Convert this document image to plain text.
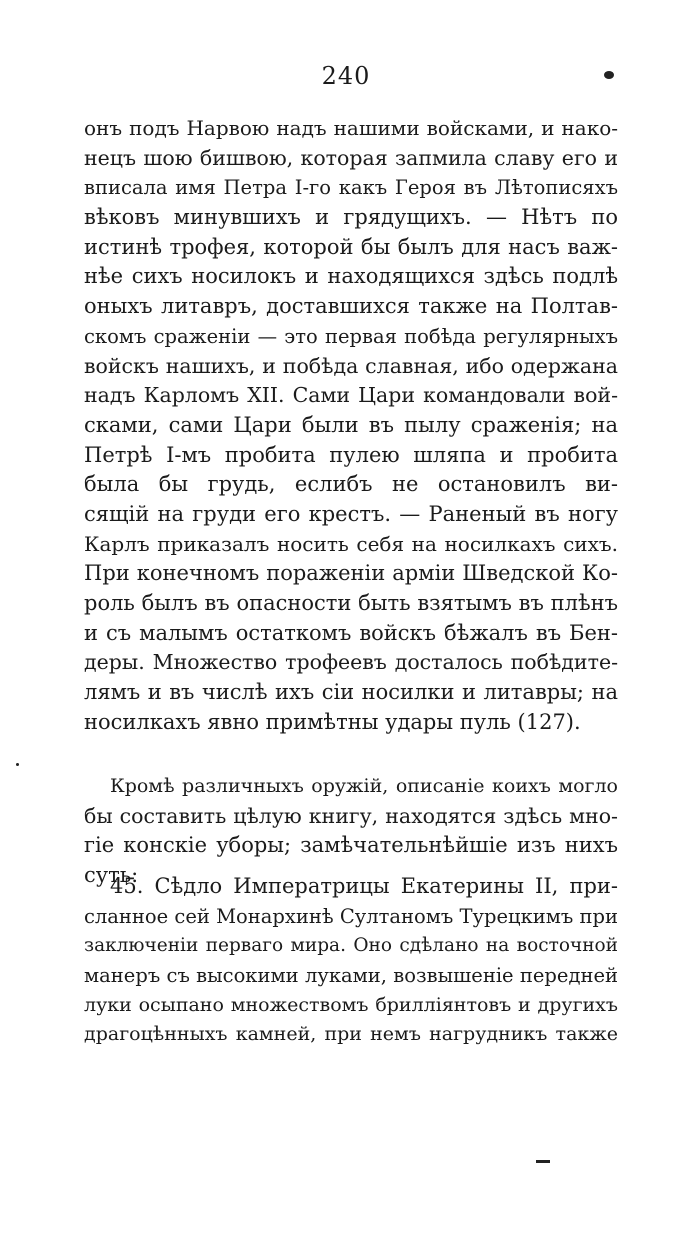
240
онъ подъ Нарвою надъ нашими войсками, и нако-
нецъ шою бишвою, которая запмила славу его и
вписала имя Петра I-го какъ Героя въ Лѣтописяхъ
вѣковъ минувшихъ и грядущихъ. — Нѣтъ по
истинѣ трофея, которой бы былъ для насъ важ-
нѣе сихъ носилокъ и находящихся здѣсь подлѣ
оныхъ литавръ, доставшихся также на Полтав-
скомъ сраженіи — это первая побѣда регулярныхъ
войскъ нашихъ, и побѣда славная, ибо одержана
надъ Карломъ XII. Сами Цари командовали вой-
сками, сами Цари были въ пылу сраженія; на
Петрѣ I-мъ пробита пулею шляпа и пробита
была бы грудь, еслибъ не остановилъ ви-
сящій на груди его крестъ. — Раненый въ ногу
Карлъ приказалъ носить себя на носилкахъ сихъ.
При конечномъ пораженіи арміи Шведской Ко-
роль былъ въ опасности быть взятымъ въ плѣнъ
и съ малымъ остаткомъ войскъ бѣжалъ въ Бен-
деры. Множество трофеевъ досталось побѣдите-
лямъ и въ числѣ ихъ сіи носилки и литавры; на
носилкахъ явно примѣтны удары пуль (127).
Кромѣ различныхъ оружій, описаніе коихъ могло
бы составить цѣлую книгу, находятся здѣсь мно-
гіе конскіе уборы; замѣчательнѣйшіе изъ нихъ
суть:
45. Сѣдло Императрицы Екатерины II, при-
сланное сей Монархинѣ Султаномъ Турецкимъ при
заключеніи перваго мира. Оно сдѣлано на восточной
манеръ съ высокими луками, возвышеніе передней
луки осыпано множествомъ бриллiянтовъ и другихъ
драгоцѣнныхъ камней, при немъ нагрудникъ также
